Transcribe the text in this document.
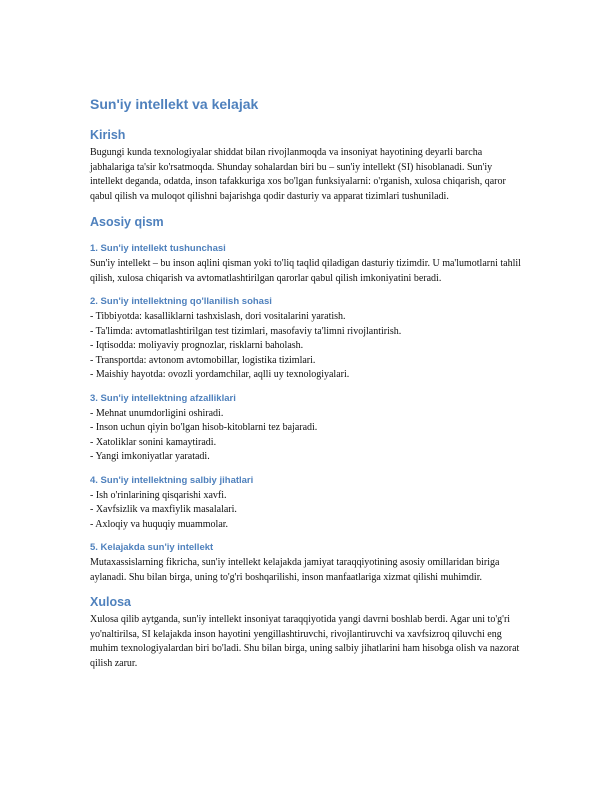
Sun'iy intellekt va kelajak
Kirish

Bugungi kunda texnologiyalar shiddat bilan rivojlanmoqda va insoniyat hayotining deyarli barcha jabhalariga ta'sir ko'rsatmoqda. Shunday sohalardan biri bu – sun'iy intellekt (SI) hisoblanadi. Sun'iy intellekt deganda, odatda, inson tafakkuriga xos bo'lgan funksiyalarni: o'rganish, xulosa chiqarish, qaror qabul qilish va muloqot qilishni bajarishga qodir dasturiy va apparat tizimlari tushuniladi.

Asosiy qism
1. Sun'iy intellekt tushunchasi

Sun'iy intellekt – bu inson aqlini qisman yoki to'liq taqlid qiladigan dasturiy tizimdir. U ma'lumotlarni tahlil qilish, xulosa chiqarish va avtomatlashtirilgan qarorlar qabul qilish imkoniyatini beradi.

2. Sun'iy intellektning qo'llanilish sohasi
- Tibbiyotda: kasalliklarni tashxislash, dori vositalarini yaratish.
- Ta'limda: avtomatlashtirilgan test tizimlari, masofaviy ta'limni rivojlantirish.
- Iqtisodda: moliyaviy prognozlar, risklarni baholash.
- Transportda: avtonom avtomobillar, logistika tizimlari.
- Maishiy hayotda: ovozli yordamchilar, aqlli uy texnologiyalari.
3. Sun'iy intellektning afzalliklari
- Mehnat unumdorligini oshiradi.
- Inson uchun qiyin bo'lgan hisob-kitoblarni tez bajaradi.
- Xatoliklar sonini kamaytiradi.
- Yangi imkoniyatlar yaratadi.
4. Sun'iy intellektning salbiy jihatlari
- Ish o'rinlarining qisqarishi xavfi.
- Xavfsizlik va maxfiylik masalalari.
- Axloqiy va huquqiy muammolar.
5. Kelajakda sun'iy intellekt

Mutaxassislarning fikricha, sun'iy intellekt kelajakda jamiyat taraqqiyotining asosiy omillaridan biriga aylanadi. Shu bilan birga, uning to'g'ri boshqarilishi, inson manfaatlariga xizmat qilishi muhimdir.

Xulosa

Xulosa qilib aytganda, sun'iy intellekt insoniyat taraqqiyotida yangi davrni boshlab berdi. Agar uni to'g'ri yo'naltirilsa, SI kelajakda inson hayotini yengillashtiruvchi, rivojlantiruvchi va xavfsizroq qiluvchi eng muhim texnologiyalardan biri bo'ladi. Shu bilan birga, uning salbiy jihatlarini ham hisobga olish va nazorat qilish zarur.
